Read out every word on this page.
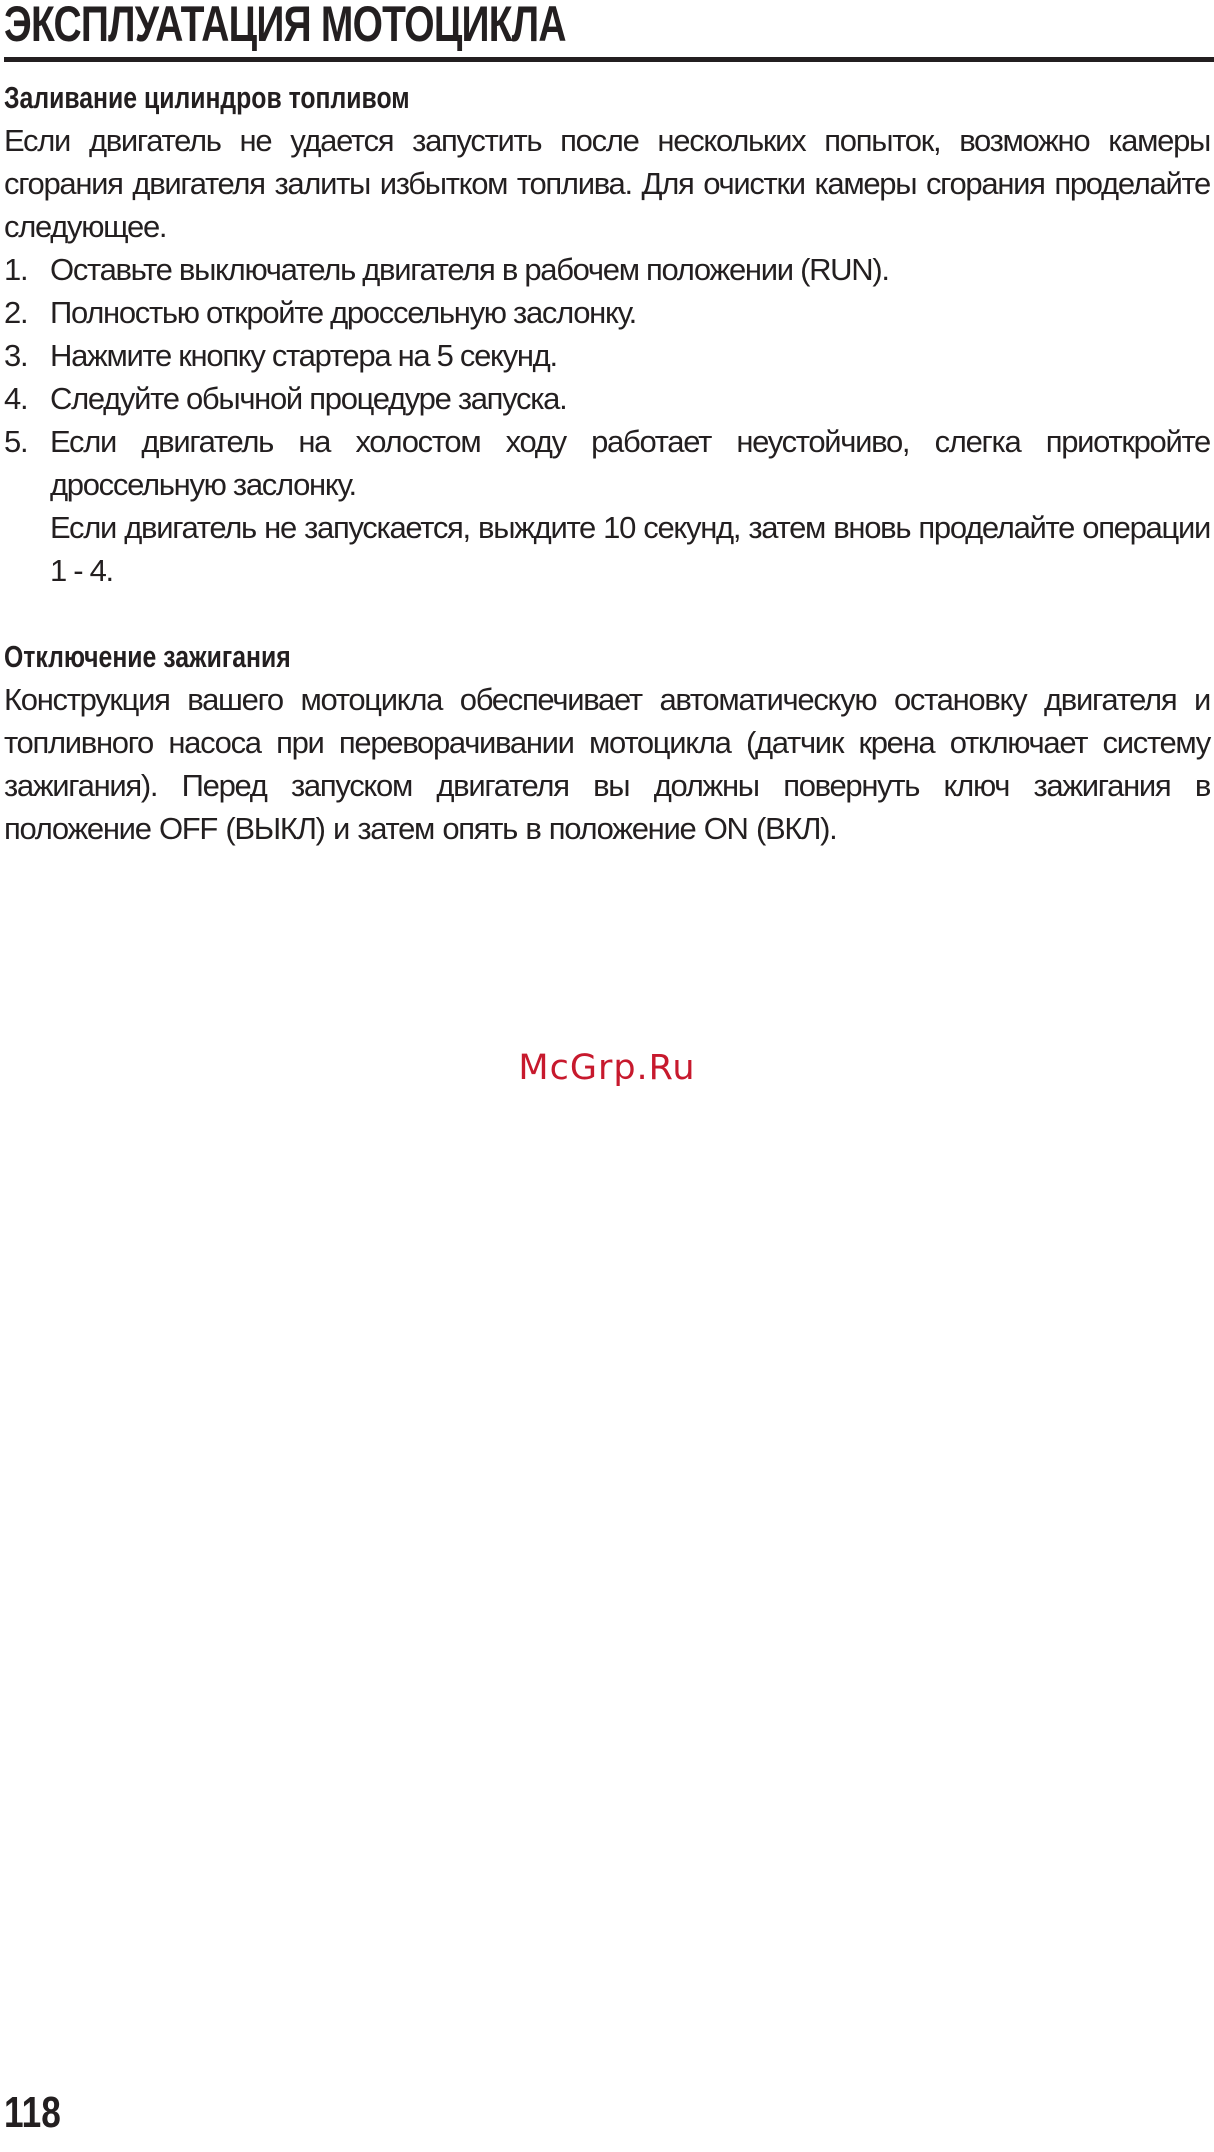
ЭКСПЛУАТАЦИЯ МОТОЦИКЛА
Заливание цилиндров топливом

Если двигатель не удается запустить после нескольких попыток, возможно камеры сгорания двигателя залиты избытком топлива. Для очистки камеры сгорания проделайте следующее.

1. Оставьте выключатель двигателя в рабочем положении (RUN).
2. Полностью откройте дроссельную заслонку.
3. Нажмите кнопку стартера на 5 секунд.
4. Следуйте обычной процедуре запуска.
5. Если двигатель на холостом ходу работает неустойчиво, слегка приоткройте дроссельную заслонку.
Если двигатель не запускается, выждите 10 секунд, затем вновь проделайте операции 1 - 4.
Отключение зажигания

Конструкция вашего мотоцикла обеспечивает автоматическую остановку двигателя и топливного насоса при переворачивании мотоцикла (датчик крена отключает систему зажигания). Перед запуском двигателя вы должны повернуть ключ зажигания в положение OFF (ВЫКЛ) и затем опять в положение ON (ВКЛ).

McGrp.Ru

118
